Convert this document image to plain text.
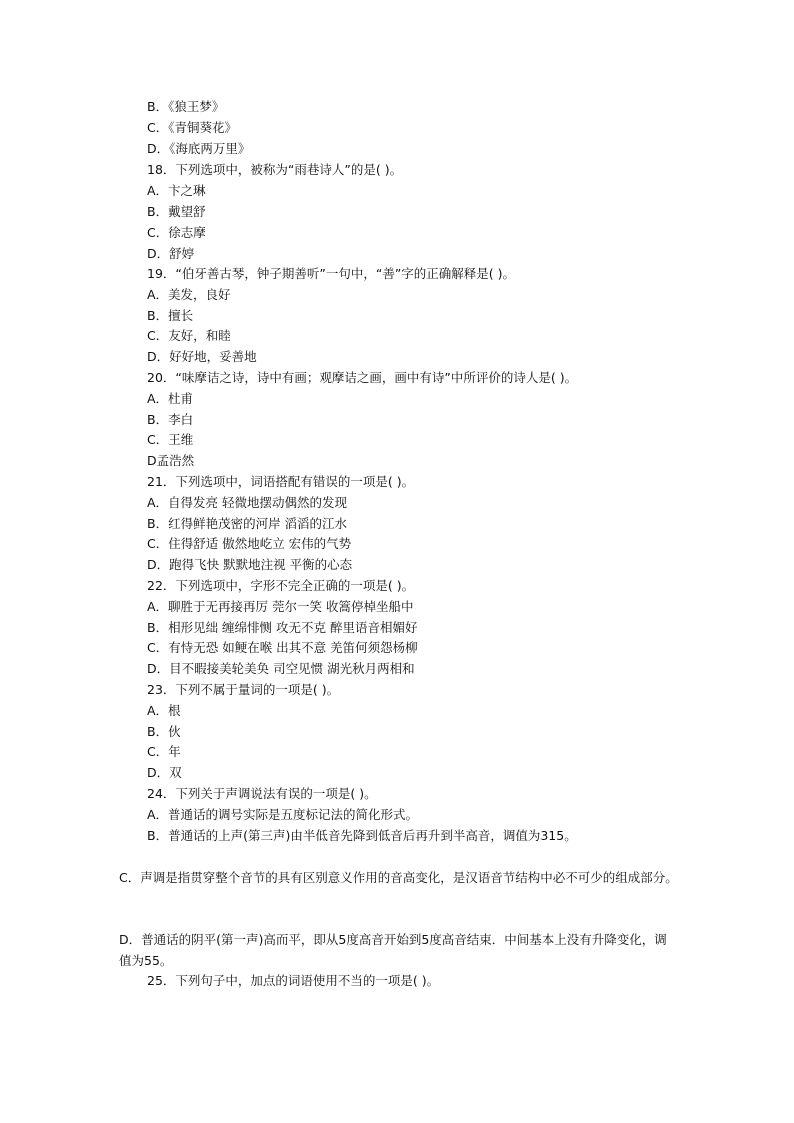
B．《狼王梦》
C．《青铜葵花》
D．《海底两万里》
18．下列选项中，被称为“雨巷诗人”的是( )。
A．卞之琳
B．戴望舒
C．徐志摩
D．舒婷
19．“伯牙善古琴，钟子期善听”一句中，“善”字的正确解释是( )。
A．美发，良好
B．擅长
C．友好，和睦
D．好好地，妥善地
20．“味摩诘之诗，诗中有画；观摩诘之画，画中有诗”中所评价的诗人是( )。
A．杜甫
B．李白
C．王维
D孟浩然
21．下列选项中，词语搭配有错误的一项是( )。
A．自得发亮 轻微地摆动偶然的发现
B．红得鲜艳茂密的河岸 滔滔的江水
C．住得舒适 傲然地屹立 宏伟的气势
D．跑得飞快 默默地注视 平衡的心态
22．下列选项中，字形不完全正确的一项是( )。
A．聊胜于无再接再厉 莞尔一笑 收篙停棹坐船中
B．相形见绌 缠绵悱恻 攻无不克 醉里语音相媚好
C．有恃无恐 如鲠在喉 出其不意 羌笛何须怨杨柳
D．目不暇接美轮美奂 司空见惯 湖光秋月两相和
23．下列不属于量词的一项是( )。
A．根
B．伙
C．年
D．双
24．下列关于声调说法有误的一项是( )。
A．普通话的调号实际是五度标记法的简化形式。
B．普通话的上声(第三声)由半低音先降到低音后再升到半高音，调值为315。
C．声调是指贯穿整个音节的具有区别意义作用的音高变化，是汉语音节结构中必不可少的组成部分。
D．普通话的阴平(第一声)高而平，即从5度高音开始到5度高音结束．中间基本上没有升降变化，调值为55。
25．下列句子中，加点的词语使用不当的一项是( )。
